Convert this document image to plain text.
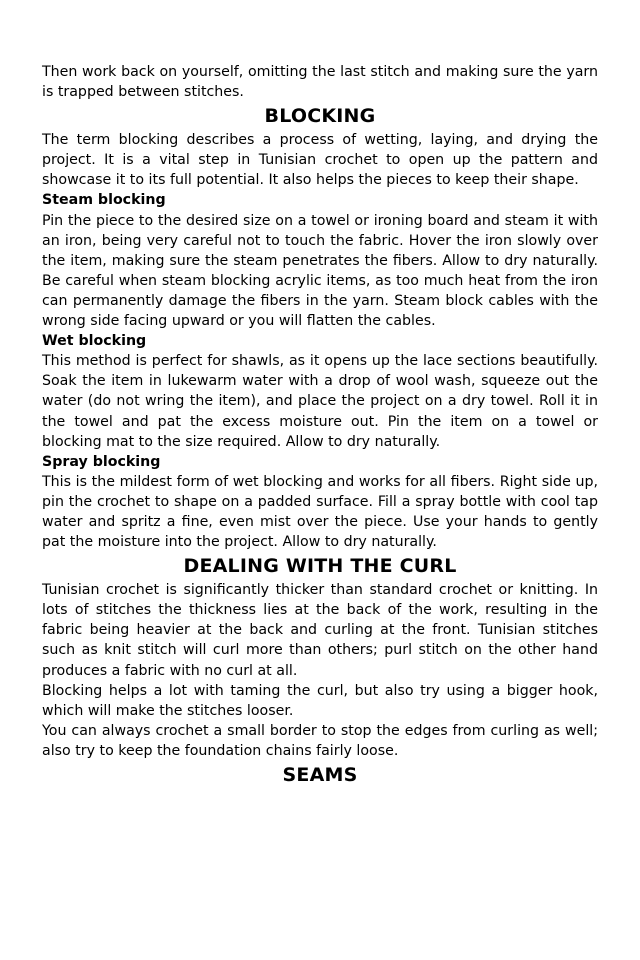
Then work back on yourself, omitting the last stitch and making sure the yarn is trapped between stitches.

BLOCKING

The term blocking describes a process of wetting, laying, and drying the project. It is a vital step in Tunisian crochet to open up the pattern and showcase it to its full potential. It also helps the pieces to keep their shape.

Steam blocking

Pin the piece to the desired size on a towel or ironing board and steam it with an iron, being very careful not to touch the fabric. Hover the iron slowly over the item, making sure the steam penetrates the fibers. Allow to dry naturally. Be careful when steam blocking acrylic items, as too much heat from the iron can permanently damage the fibers in the yarn. Steam block cables with the wrong side facing upward or you will flatten the cables.

Wet blocking

This method is perfect for shawls, as it opens up the lace sections beautifully. Soak the item in lukewarm water with a drop of wool wash, squeeze out the water (do not wring the item), and place the project on a dry towel. Roll it in the towel and pat the excess moisture out. Pin the item on a towel or blocking mat to the size required. Allow to dry naturally.

Spray blocking

This is the mildest form of wet blocking and works for all fibers. Right side up, pin the crochet to shape on a padded surface. Fill a spray bottle with cool tap water and spritz a fine, even mist over the piece. Use your hands to gently pat the moisture into the project. Allow to dry naturally.

DEALING WITH THE CURL

Tunisian crochet is significantly thicker than standard crochet or knitting. In lots of stitches the thickness lies at the back of the work, resulting in the fabric being heavier at the back and curling at the front. Tunisian stitches such as knit stitch will curl more than others; purl stitch on the other hand produces a fabric with no curl at all.

Blocking helps a lot with taming the curl, but also try using a bigger hook, which will make the stitches looser.

You can always crochet a small border to stop the edges from curling as well; also try to keep the foundation chains fairly loose.

SEAMS
